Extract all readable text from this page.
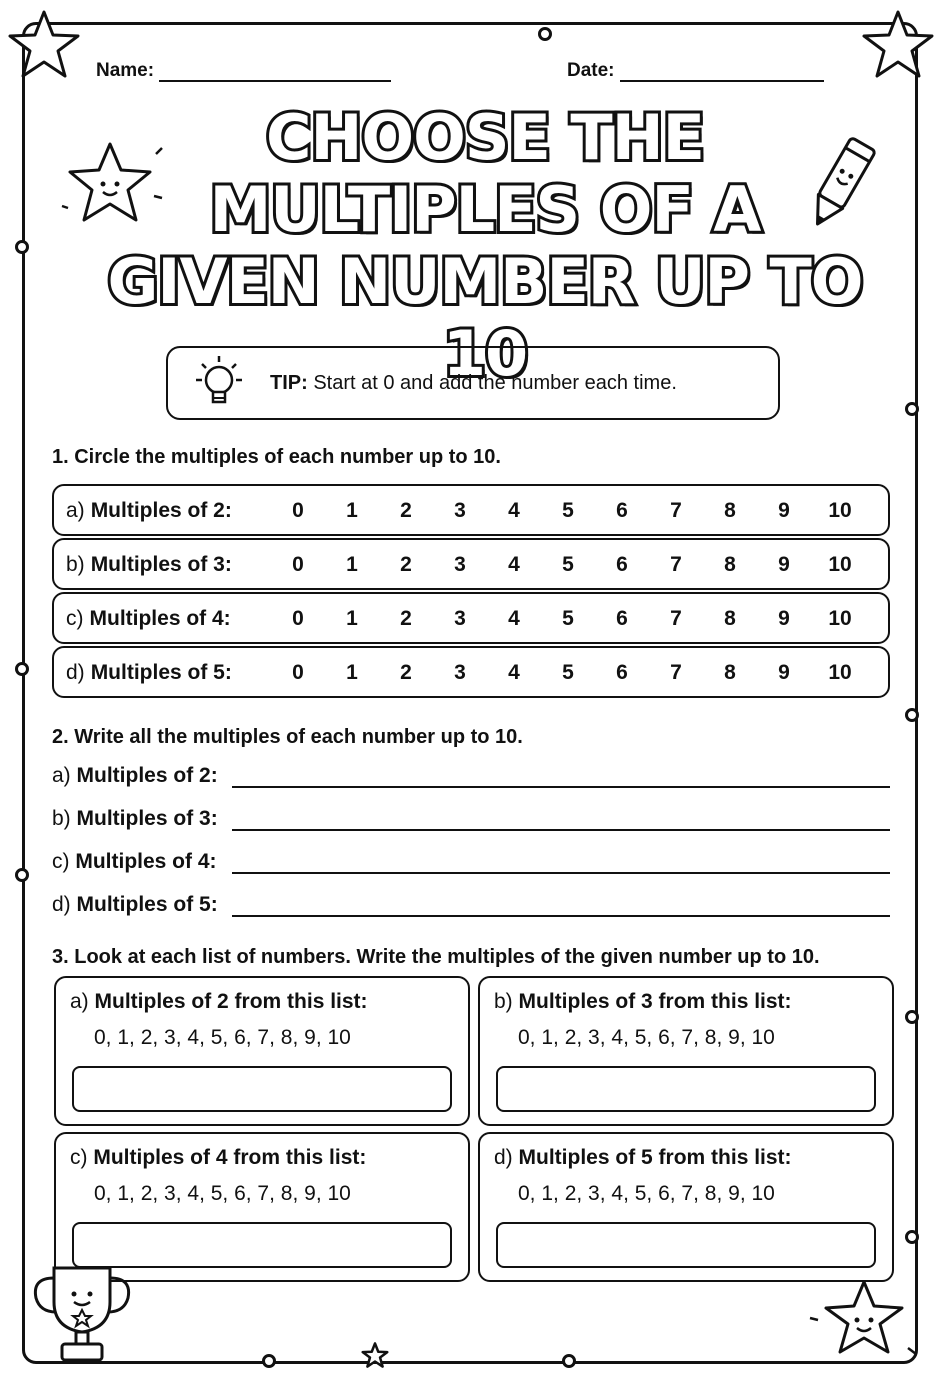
Name:	Date:
CHOOSE THE
MULTIPLES OF A
GIVEN NUMBER UP TO 10
TIP: Start at 0 and add the number each time.
1. Circle the multiples of each number up to 10.
a) Multiples of 2:	0	1	2	3	4	5	6	7	8	9	10
b) Multiples of 3:	0	1	2	3	4	5	6	7	8	9	10
c) Multiples of 4:	0	1	2	3	4	5	6	7	8	9	10
d) Multiples of 5:	0	1	2	3	4	5	6	7	8	9	10
2. Write all the multiples of each number up to 10.
a) Multiples of 2:
b) Multiples of 3:
c) Multiples of 4:
d) Multiples of 5:
3. Look at each list of numbers. Write the multiples of the given number up to 10.
a) Multiples of 2 from this list:
0, 1, 2, 3, 4, 5, 6, 7, 8, 9, 10
b) Multiples of 3 from this list:
0, 1, 2, 3, 4, 5, 6, 7, 8, 9, 10
c) Multiples of 4 from this list:
0, 1, 2, 3, 4, 5, 6, 7, 8, 9, 10
d) Multiples of 5 from this list:
0, 1, 2, 3, 4, 5, 6, 7, 8, 9, 10
